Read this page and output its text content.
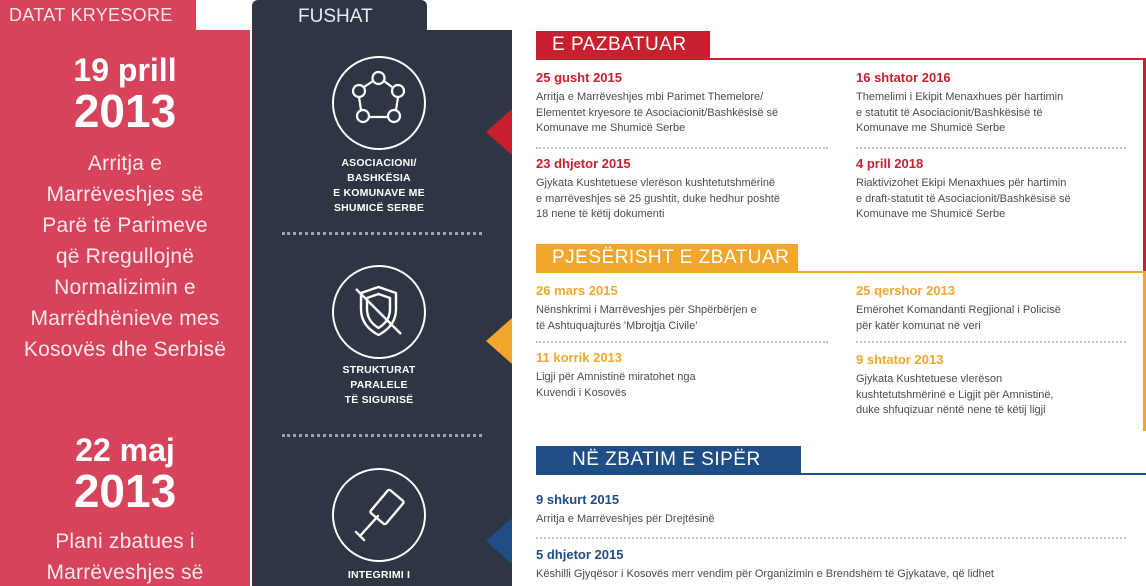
DATAT KRYESORE
19 prill
2013
Arritja e
Marrëveshjes së
Parë të Parimeve
që Rregullojnë
Normalizimin e
Marrëdhënieve mes
Kosovës dhe Serbisë
22 maj
2013
Plani zbatues i
Marrëveshjes së
FUSHAT
ASOCIACIONI/
BASHKËSIA
E KOMUNAVE ME
SHUMICË SERBE
STRUKTURAT
PARALELE
TË SIGURISË
INTEGRIMI I
E PAZBATUAR
25 gusht 2015
Arritja e Marrëveshjes mbi Parimet Themelore/
Elementet kryesore të Asociacionit/Bashkësisë së
Komunave me Shumicë Serbe
16 shtator 2016
Themelimi i Ekipit Menaxhues për hartimin
e statutit të Asociacionit/Bashkësisë të
Komunave me Shumicë Serbe
23 dhjetor 2015
Gjykata Kushtetuese vlerëson kushtetutshmërinë
e marrëveshjes së 25 gushtit, duke hedhur poshtë
18 nene të këtij dokumenti
4 prill 2018
Riaktivizohet Ekipi Menaxhues për hartimin
e draft-statutit të Asociacionit/Bashkësisë së
Komunave me Shumicë Serbe
PJESËRISHT E ZBATUAR
26 mars 2015
Nënshkrimi i Marrëveshjes për Shpërbërjen e
të Ashtuquajturës 'Mbrojtja Civile'
25 qershor 2013
Emërohet Komandanti Regjional i Policisë
për katër komunat në veri
11 korrik 2013
Ligji për Amnistinë miratohet nga
Kuvendi i Kosovës
9 shtator 2013
Gjykata Kushtetuese vlerëson
kushtetutshmërinë e Ligjit për Amnistinë,
duke shfuqizuar nëntë nene të këtij ligji
NË ZBATIM E SIPËR
9 shkurt 2015
Arritja e Marrëveshjes për Drejtësinë
5 dhjetor 2015
Këshilli Gjyqësor i Kosovës merr vendim për Organizimin e Brendshëm të Gjykatave, që lidhet
